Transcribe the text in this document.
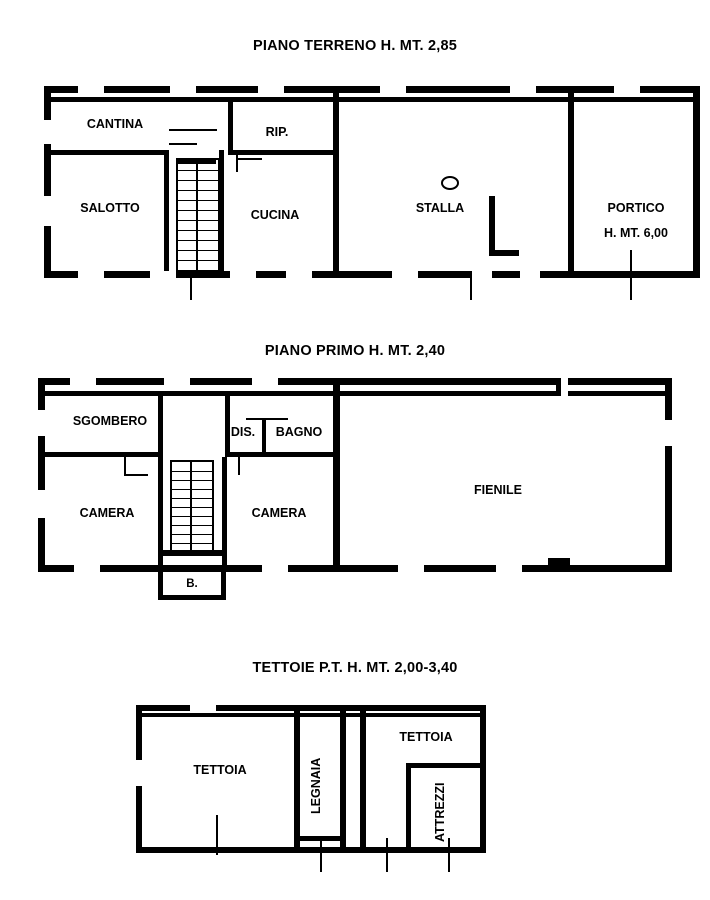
PIANO TERRENO H. MT. 2,85
CANTINA
RIP.
SALOTTO	CUCINA	STALLA	PORTICO
H. MT. 6,00
PIANO PRIMO H. MT. 2,40
B.
SGOMBERO
DIS.	BAGNO
CAMERA	CAMERA
FIENILE
TETTOIE P.T. H. MT. 2,00-3,40
TETTOIA	LEGNAIA
TETTOIA
ATTREZZI
